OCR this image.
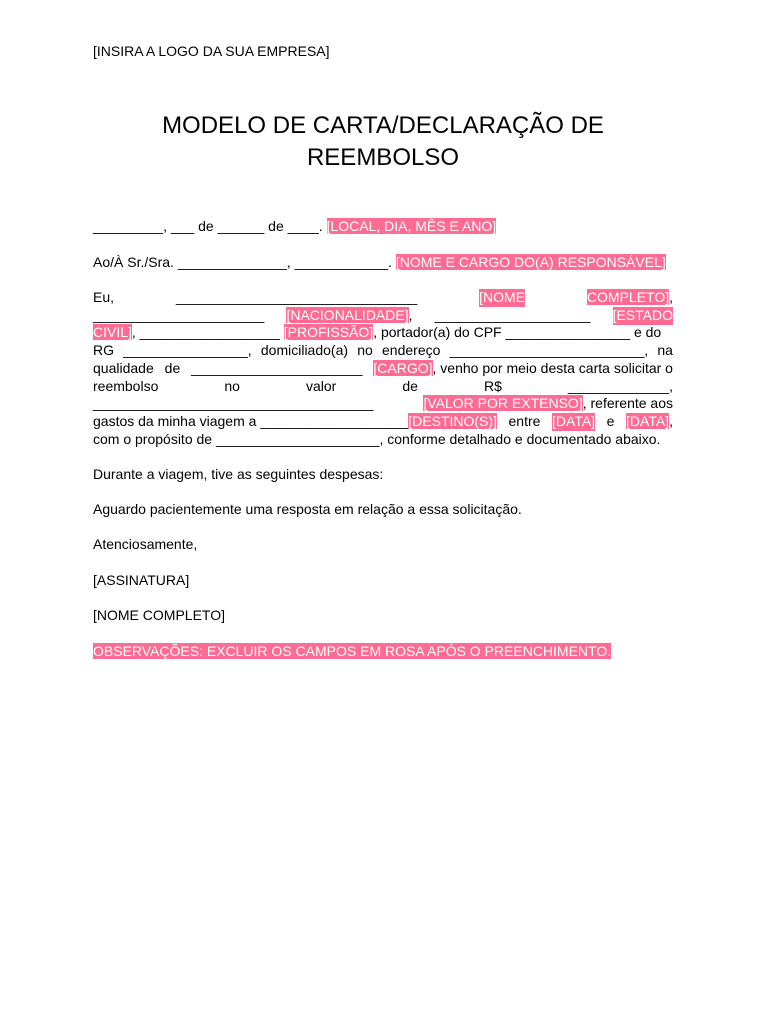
[INSIRA A LOGO DA SUA EMPRESA]
MODELO DE CARTA/DECLARAÇÃO DE
REEMBOLSO
_________, ___ de ______ de ____. [LOCAL, DIA, MÊS E ANO]
Ao/À Sr./Sra. ______________, ____________. [NOME E CARGO DO(A) RESPONSÁVEL]
Eu,	_______________________________	[NOME	COMPLETO],
______________________ [NACIONALIDADE], ____________________ [ESTADO
CIVIL], __________________ [PROFISSÃO], portador(a) do CPF ________________ e do
RG ________________, domiciliado(a) no endereço _________________________, na
qualidade de ______________________ [CARGO], venho por meio desta carta solicitar o
reembolso	no	valor	de	R$	_____________,
____________________________________	[VALOR POR EXTENSO], referente aos
gastos da minha viagem a ___________________[DESTINO(S)] entre [DATA] e [DATA],
com o propósito de _____________________, conforme detalhado e documentado abaixo.
Durante a viagem, tive as seguintes despesas:
Aguardo pacientemente uma resposta em relação a essa solicitação.
Atenciosamente,
[ASSINATURA]
[NOME COMPLETO]
OBSERVAÇÕES: EXCLUIR OS CAMPOS EM ROSA APÓS O PREENCHIMENTO.
